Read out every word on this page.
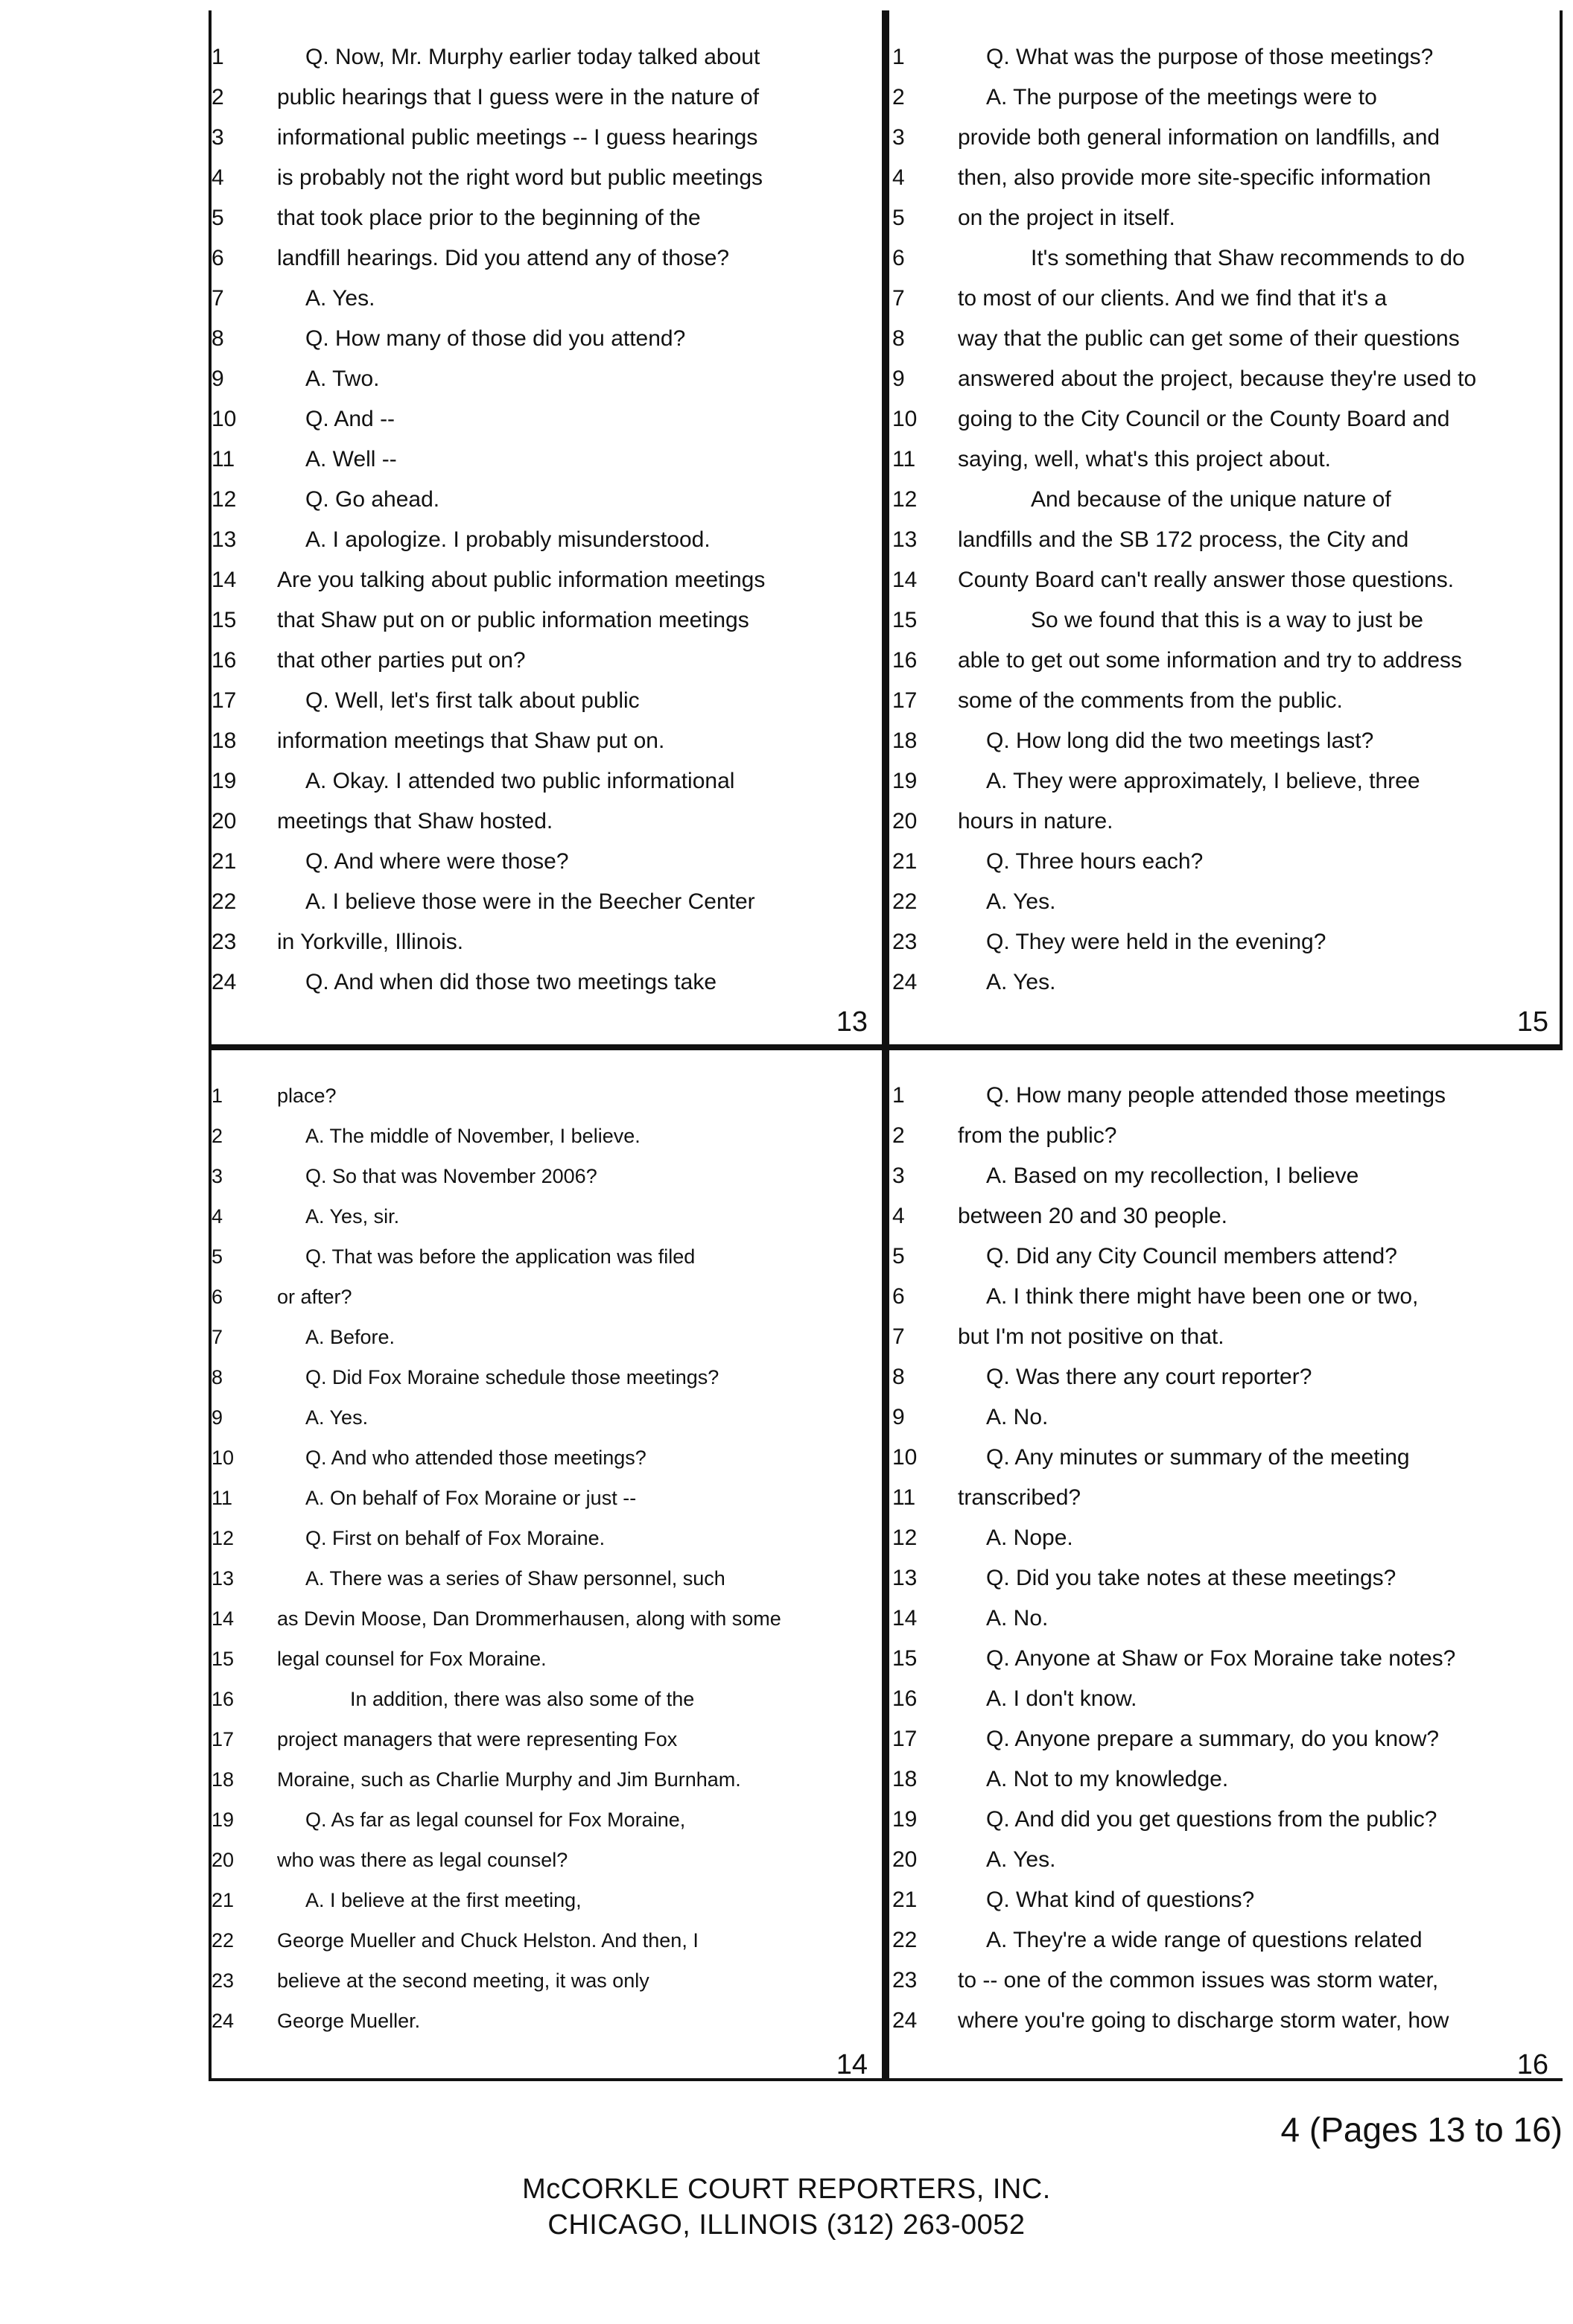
1	Q. Now, Mr. Murphy earlier today talked about
2	public hearings that I guess were in the nature of
3	informational public meetings -- I guess hearings
4	is probably not the right word but public meetings
5	that took place prior to the beginning of the
6	landfill hearings. Did you attend any of those?
7	A. Yes.
8	Q. How many of those did you attend?
9	A. Two.
10	Q. And --
11	A. Well --
12	Q. Go ahead.
13	A. I apologize. I probably misunderstood.
14	Are you talking about public information meetings
15	that Shaw put on or public information meetings
16	that other parties put on?
17	Q. Well, let's first talk about public
18	information meetings that Shaw put on.
19	A. Okay. I attended two public informational
20	meetings that Shaw hosted.
21	Q. And where were those?
22	A. I believe those were in the Beecher Center
23	in Yorkville, Illinois.
24	Q. And when did those two meetings take
13
1	Q. What was the purpose of those meetings?
2	A. The purpose of the meetings were to
3	provide both general information on landfills, and
4	then, also provide more site-specific information
5	on the project in itself.
6	It's something that Shaw recommends to do
7	to most of our clients. And we find that it's a
8	way that the public can get some of their questions
9	answered about the project, because they're used to
10	going to the City Council or the County Board and
11	saying, well, what's this project about.
12	And because of the unique nature of
13	landfills and the SB 172 process, the City and
14	County Board can't really answer those questions.
15	So we found that this is a way to just be
16	able to get out some information and try to address
17	some of the comments from the public.
18	Q. How long did the two meetings last?
19	A. They were approximately, I believe, three
20	hours in nature.
21	Q. Three hours each?
22	A. Yes.
23	Q. They were held in the evening?
24	A. Yes.
15
1	place?
2	A. The middle of November, I believe.
3	Q. So that was November 2006?
4	A. Yes, sir.
5	Q. That was before the application was filed
6	or after?
7	A. Before.
8	Q. Did Fox Moraine schedule those meetings?
9	A. Yes.
10	Q. And who attended those meetings?
11	A. On behalf of Fox Moraine or just --
12	Q. First on behalf of Fox Moraine.
13	A. There was a series of Shaw personnel, such
14	as Devin Moose, Dan Drommerhausen, along with some
15	legal counsel for Fox Moraine.
16	In addition, there was also some of the
17	project managers that were representing Fox
18	Moraine, such as Charlie Murphy and Jim Burnham.
19	Q. As far as legal counsel for Fox Moraine,
20	who was there as legal counsel?
21	A. I believe at the first meeting,
22	George Mueller and Chuck Helston. And then, I
23	believe at the second meeting, it was only
24	George Mueller.
14
1	Q. How many people attended those meetings
2	from the public?
3	A. Based on my recollection, I believe
4	between 20 and 30 people.
5	Q. Did any City Council members attend?
6	A. I think there might have been one or two,
7	but I'm not positive on that.
8	Q. Was there any court reporter?
9	A. No.
10	Q. Any minutes or summary of the meeting
11	transcribed?
12	A. Nope.
13	Q. Did you take notes at these meetings?
14	A. No.
15	Q. Anyone at Shaw or Fox Moraine take notes?
16	A. I don't know.
17	Q. Anyone prepare a summary, do you know?
18	A. Not to my knowledge.
19	Q. And did you get questions from the public?
20	A. Yes.
21	Q. What kind of questions?
22	A. They're a wide range of questions related
23	to -- one of the common issues was storm water,
24	where you're going to discharge storm water, how
16
4 (Pages 13 to 16)
McCORKLE COURT REPORTERS, INC.
CHICAGO, ILLINOIS (312) 263-0052
